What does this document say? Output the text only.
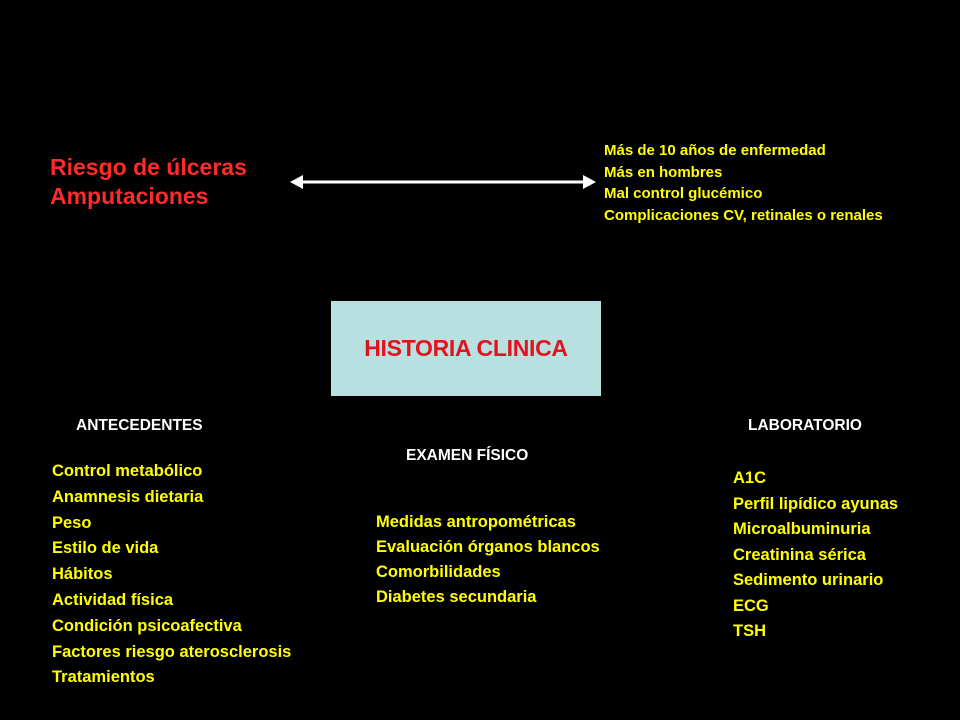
Riesgo de úlceras
Amputaciones
Más de 10 años de enfermedad
Más en hombres
Mal control glucémico
Complicaciones CV, retinales o renales
HISTORIA CLINICA
ANTECEDENTES
Control metabólico
Anamnesis dietaria
Peso
Estilo de vida
Hábitos
Actividad física
Condición psicoafectiva
Factores riesgo aterosclerosis
Tratamientos
EXAMEN FÍSICO
Medidas antropométricas
Evaluación órganos blancos
Comorbilidades
Diabetes secundaria
LABORATORIO
A1C
Perfil lipídico ayunas
Microalbuminuria
Creatinina sérica
Sedimento urinario
ECG
TSH
